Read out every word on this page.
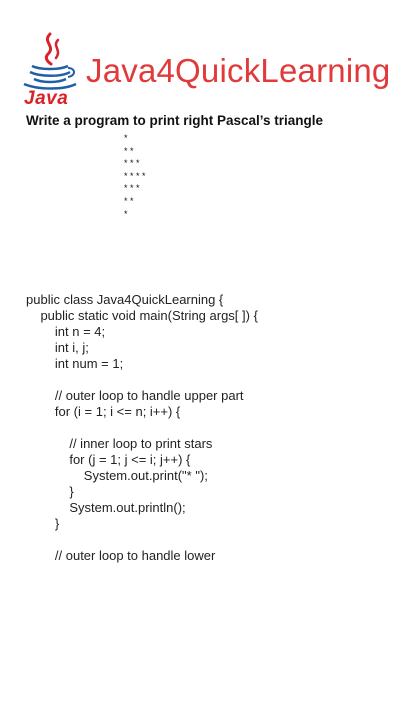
Java
Java4QuickLearning
Write a program to print right Pascal’s triangle
*
* *
* * *
* * * *
* * *
* *
*
public class Java4QuickLearning {
public static void main(String args[ ]) {
int n = 4;
int i, j;
int num = 1;
// outer loop to handle upper part
for (i = 1; i <= n; i++) {
// inner loop to print stars
for (j = 1; j <= i; j++) {
System.out.print("* ");
}
System.out.println();
}
// outer loop to handle lower
